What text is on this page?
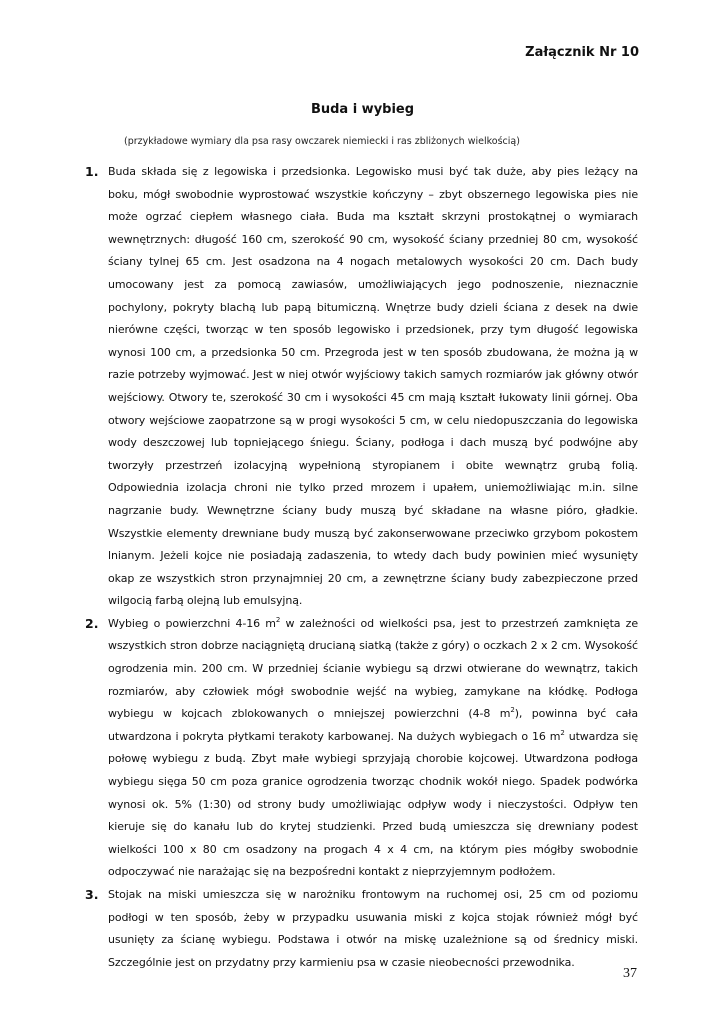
Załącznik Nr 10
Buda i wybieg
(przykładowe wymiary dla psa rasy owczarek niemiecki i ras zbliżonych wielkością)
1. Buda składa się z legowiska i przedsionka. Legowisko musi być tak duże, aby pies leżący na boku, mógł swobodnie wyprostować wszystkie kończyny – zbyt obszernego legowiska pies nie może ogrzać ciepłem własnego ciała. Buda ma kształt skrzyni prostokątnej o wymiarach wewnętrznych: długość 160 cm, szerokość 90 cm, wysokość ściany przedniej 80 cm, wysokość ściany tylnej 65 cm. Jest osadzona na 4 nogach metalowych wysokości 20 cm. Dach budy umocowany jest za pomocą zawiasów, umożliwiających jego podnoszenie, nieznacznie pochylony, pokryty blachą lub papą bitumiczną. Wnętrze budy dzieli ściana z desek na dwie nierówne części, tworząc w ten sposób legowisko i przedsionek, przy tym długość legowiska wynosi 100 cm, a przedsionka 50 cm. Przegroda jest w ten sposób zbudowana, że można ją w razie potrzeby wyjmować. Jest w niej otwór wyjściowy takich samych rozmiarów jak główny otwór wejściowy. Otwory te, szerokość 30 cm i wysokości 45 cm mają kształt łukowaty linii górnej. Oba otwory wejściowe zaopatrzone są w progi wysokości 5 cm, w celu niedopuszczania do legowiska wody deszczowej lub topniejącego śniegu. Ściany, podłoga i dach muszą być podwójne aby tworzyły przestrzeń izolacyjną wypełnioną styropianem i obite wewnątrz grubą folią. Odpowiednia izolacja chroni nie tylko przed mrozem i upałem, uniemożliwiając m.in. silne nagrzanie budy. Wewnętrzne ściany budy muszą być składane na własne pióro, gładkie. Wszystkie elementy drewniane budy muszą być zakonserwowane przeciwko grzybom pokostem lnianym. Jeżeli kojce nie posiadają zadaszenia, to wtedy dach budy powinien mieć wysunięty okap ze wszystkich stron przynajmniej 20 cm, a zewnętrzne ściany budy zabezpieczone przed wilgocią farbą olejną lub emulsyjną.

2. Wybieg o powierzchni 4-16 $m^2$ w zależności od wielkości psa, jest to przestrzeń zamknięta ze wszystkich stron dobrze naciągniętą drucianą siatką (także z góry) o oczkach 2 x 2 cm. Wysokość ogrodzenia min. 200 cm. W przedniej ścianie wybiegu są drzwi otwierane do wewnątrz, takich rozmiarów, aby człowiek mógł swobodnie wejść na wybieg, zamykane na kłódkę. Podłoga wybiegu w kojcach zblokowanych o mniejszej powierzchni (4-8 $m^2$), powinna być cała utwardzona i pokryta płytkami terakoty karbowanej. Na dużych wybiegach o 16 $m^2$ utwardza się połowę wybiegu z budą. Zbyt małe wybiegi sprzyjają chorobie kojcowej. Utwardzona podłoga wybiegu sięga 50 cm poza granice ogrodzenia tworząc chodnik wokół niego. Spadek podwórka wynosi ok. 5% (1:30) od strony budy umożliwiając odpływ wody i nieczystości. Odpływ ten kieruje się do kanału lub do krytej studzienki. Przed budą umieszcza się drewniany podest wielkości 100 x 80 cm osadzony na progach 4 x 4 cm, na którym pies mógłby swobodnie odpoczywać nie narażając się na bezpośredni kontakt z nieprzyjemnym podłożem.

3. Stojak na miski umieszcza się w narożniku frontowym na ruchomej osi, 25 cm od poziomu podłogi w ten sposób, żeby w przypadku usuwania miski z kojca stojak również mógł być usunięty za ścianę wybiegu. Podstawa i otwór na miskę uzależnione są od średnicy miski. Szczególnie jest on przydatny przy karmieniu psa w czasie nieobecności przewodnika.

37
